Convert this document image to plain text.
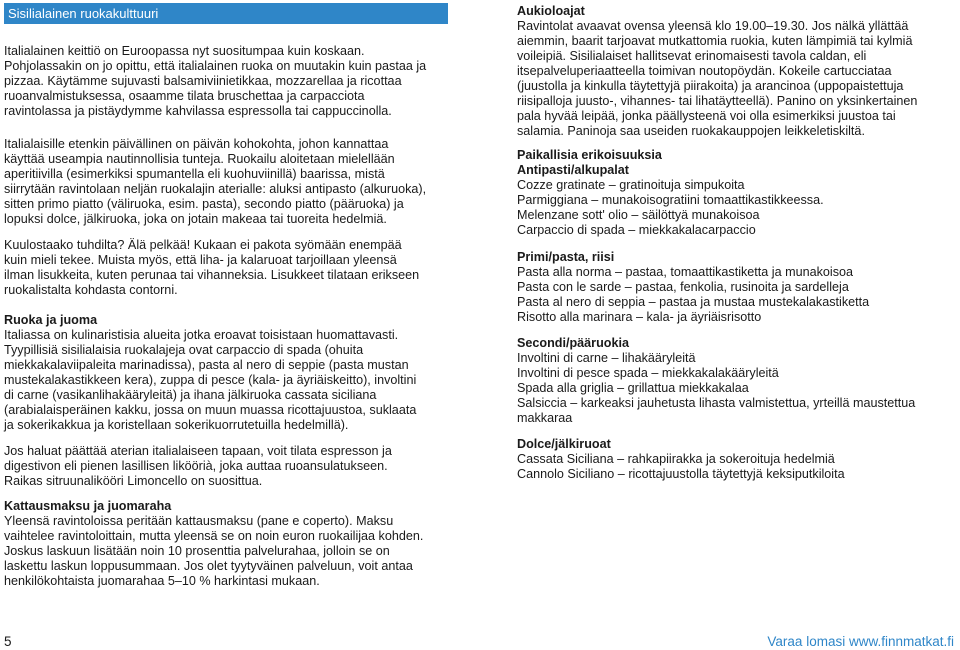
Sisilialainen ruokakulttuuri

Italialainen keittiö on Euroopassa nyt suositumpaa kuin koskaan.
Pohjolassakin on jo opittu, että italialainen ruoka on muutakin kuin pastaa ja
pizzaa. Käytämme sujuvasti balsamiviinietikkaa, mozzarellaa ja ricottaa
ruoanvalmistuksessa, osaamme tilata bruschettaa ja carpacciota
ravintolassa ja pistäydymme kahvilassa espressolla tai cappuccinolla.

Italialaisille etenkin päivällinen on päivän kohokohta, johon kannattaa
käyttää useampia nautinnollisia tunteja. Ruokailu aloitetaan mielellään
aperitiivilla (esimerkiksi spumantella eli kuohuviinillä) baarissa, mistä
siirrytään ravintolaan neljän ruokalajin aterialle: aluksi antipasto (alkuruoka),
sitten primo piatto (väliruoka, esim. pasta), secondo piatto (pääruoka) ja
lopuksi dolce, jälkiruoka, joka on jotain makeaa tai tuoreita hedelmiä.

Kuulostaako tuhdilta? Älä pelkää! Kukaan ei pakota syömään enempää
kuin mieli tekee. Muista myös, että liha- ja kalaruoat tarjoillaan yleensä
ilman lisukkeita, kuten perunaa tai vihanneksia. Lisukkeet tilataan erikseen
ruokalistalta kohdasta contorni.

Ruoka ja juoma

Italiassa on kulinaristisia alueita jotka eroavat toisistaan huomattavasti.
Tyypillisiä sisilialaisia ruokalajeja ovat carpaccio di spada (ohuita
miekkakalaviipaleita marinadissa), pasta al nero di seppie (pasta mustan
mustekalakastikkeen kera), zuppa di pesce (kala- ja äyriäiskeitto), involtini
di carne (vasikanlihakääryleitä) ja ihana jälkiruoka cassata siciliana
(arabialaisperäinen kakku, jossa on muun muassa ricottajuustoa, suklaata
ja sokerikakkua ja koristellaan sokerikuorrutetuilla hedelmillä).

Jos haluat päättää aterian italialaiseen tapaan, voit tilata espresson ja
digestivon eli pienen lasillisen liköörià, joka auttaa ruoansulatukseen.
Raikas sitruunalikööri Limoncello on suosittua.

Kattausmaksu ja juomaraha

Yleensä ravintoloissa peritään kattausmaksu (pane e coperto). Maksu
vaihtelee ravintoloittain, mutta yleensä se on noin euron ruokailijaa kohden.
Joskus laskuun lisätään noin 10 prosenttia palvelurahaa, jolloin se on
laskettu laskun loppusummaan. Jos olet tyytyväinen palveluun, voit antaa
henkilökohtaista juomarahaa 5–10 % harkintasi mukaan.

Aukioloajat

Ravintolat avaavat ovensa yleensä klo 19.00–19.30. Jos nälkä yllättää
aiemmin, baarit tarjoavat mutkattomia ruokia, kuten lämpimiä tai kylmiä
voileipiä. Sisilialaiset hallitsevat erinomaisesti tavola caldan, eli
itsepalveluperiaatteella toimivan noutopöydän. Kokeile cartucciataa
(juustolla ja kinkulla täytettyjä piirakoita) ja arancinoa (uppopaistettuja
riisipalloja juusto-, vihannes- tai lihatäytteellä). Panino on yksinkertainen
pala hyvää leipää, jonka päällysteenä voi olla esimerkiksi juustoa tai
salamia. Paninoja saa useiden ruokakauppojen leikkeletiskiltä.

Paikallisia erikoisuuksia

Antipasti/alkupalat

Cozze gratinate – gratinoituja simpukoita
Parmiggiana – munakoisogratiini tomaattikastikkeessa.
Melenzane sott' olio – säilöttyä munakoisoa
Carpaccio di spada – miekkakalacarpaccio

Primi/pasta, riisi

Pasta alla norma – pastaa, tomaattikastiketta ja munakoisoa
Pasta con le sarde – pastaa, fenkolia, rusinoita ja sardelleja
Pasta al nero di seppia – pastaa ja mustaa mustekalakastiketta
Risotto alla marinara – kala- ja äyriäisrisotto

Secondi/pääruokia

Involtini di carne – lihakääryleitä
Involtini di pesce spada – miekkakalakääryleitä
Spada alla griglia – grillattua miekkakalaa
Salsiccia – karkeaksi jauhetusta lihasta valmistettua, yrteillä maustettua
makkaraa

Dolce/jälkiruoat

Cassata Siciliana – rahkapiirakka ja sokeroituja hedelmiä
Cannolo Siciliano – ricottajuustolla täytettyjä keksiputkiloita

5	Varaa lomasi www.finnmatkat.fi
